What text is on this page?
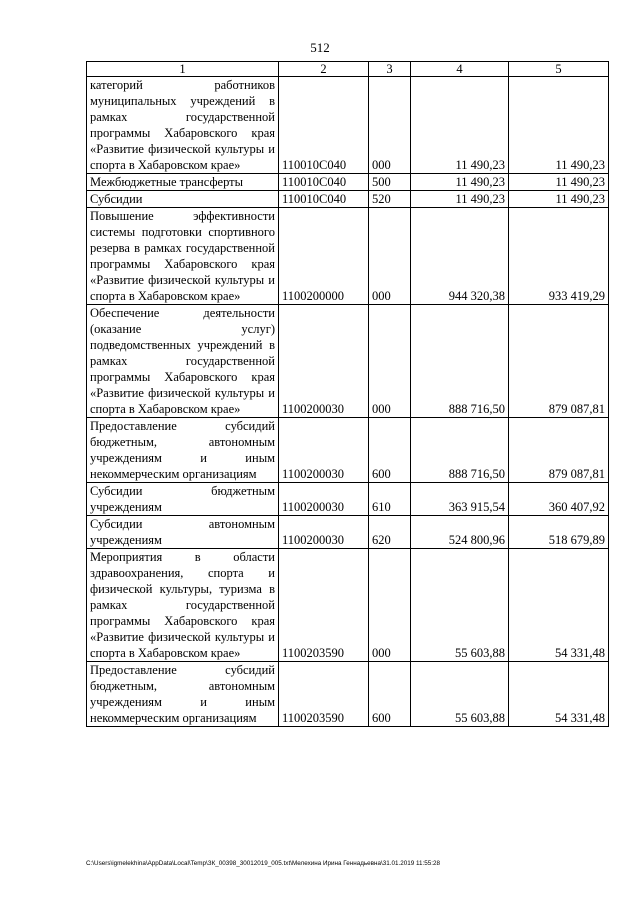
512
1	2	3	4	5
категорий работников муниципальных учреждений в рамках государственной программы Хабаровского края «Развитие физической культуры и спорта в Хабаровском крае»	110010С040	000	11 490,23	11 490,23
Межбюджетные трансферты	110010С040	500	11 490,23	11 490,23
Субсидии	110010С040	520	11 490,23	11 490,23
Повышение эффективности системы подготовки спортивного резерва в рамках государственной программы Хабаровского края «Развитие физической культуры и спорта в Хабаровском крае»	1100200000	000	944 320,38	933 419,29
Обеспечение деятельности (оказание услуг) подведомственных учреждений в рамках государственной программы Хабаровского края «Развитие физической культуры и спорта в Хабаровском крае»	1100200030	000	888 716,50	879 087,81
Предоставление субсидий бюджетным, автономным учреждениям и иным некоммерческим организациям	1100200030	600	888 716,50	879 087,81
Субсидии бюджетным учреждениям	1100200030	610	363 915,54	360 407,92
Субсидии автономным учреждениям	1100200030	620	524 800,96	518 679,89
Мероприятия в области здравоохранения, спорта и физической культуры, туризма в рамках государственной программы Хабаровского края «Развитие физической культуры и спорта в Хабаровском крае»	1100203590	000	55 603,88	54 331,48
Предоставление субсидий бюджетным, автономным учреждениям и иным некоммерческим организациям	1100203590	600	55 603,88	54 331,48
C:\Users\igmelekhina\AppData\Local\Temp\ЗК_00398_30012019_005.txt\Мелехина Ирина Геннадьевна\31.01.2019 11:55:28
